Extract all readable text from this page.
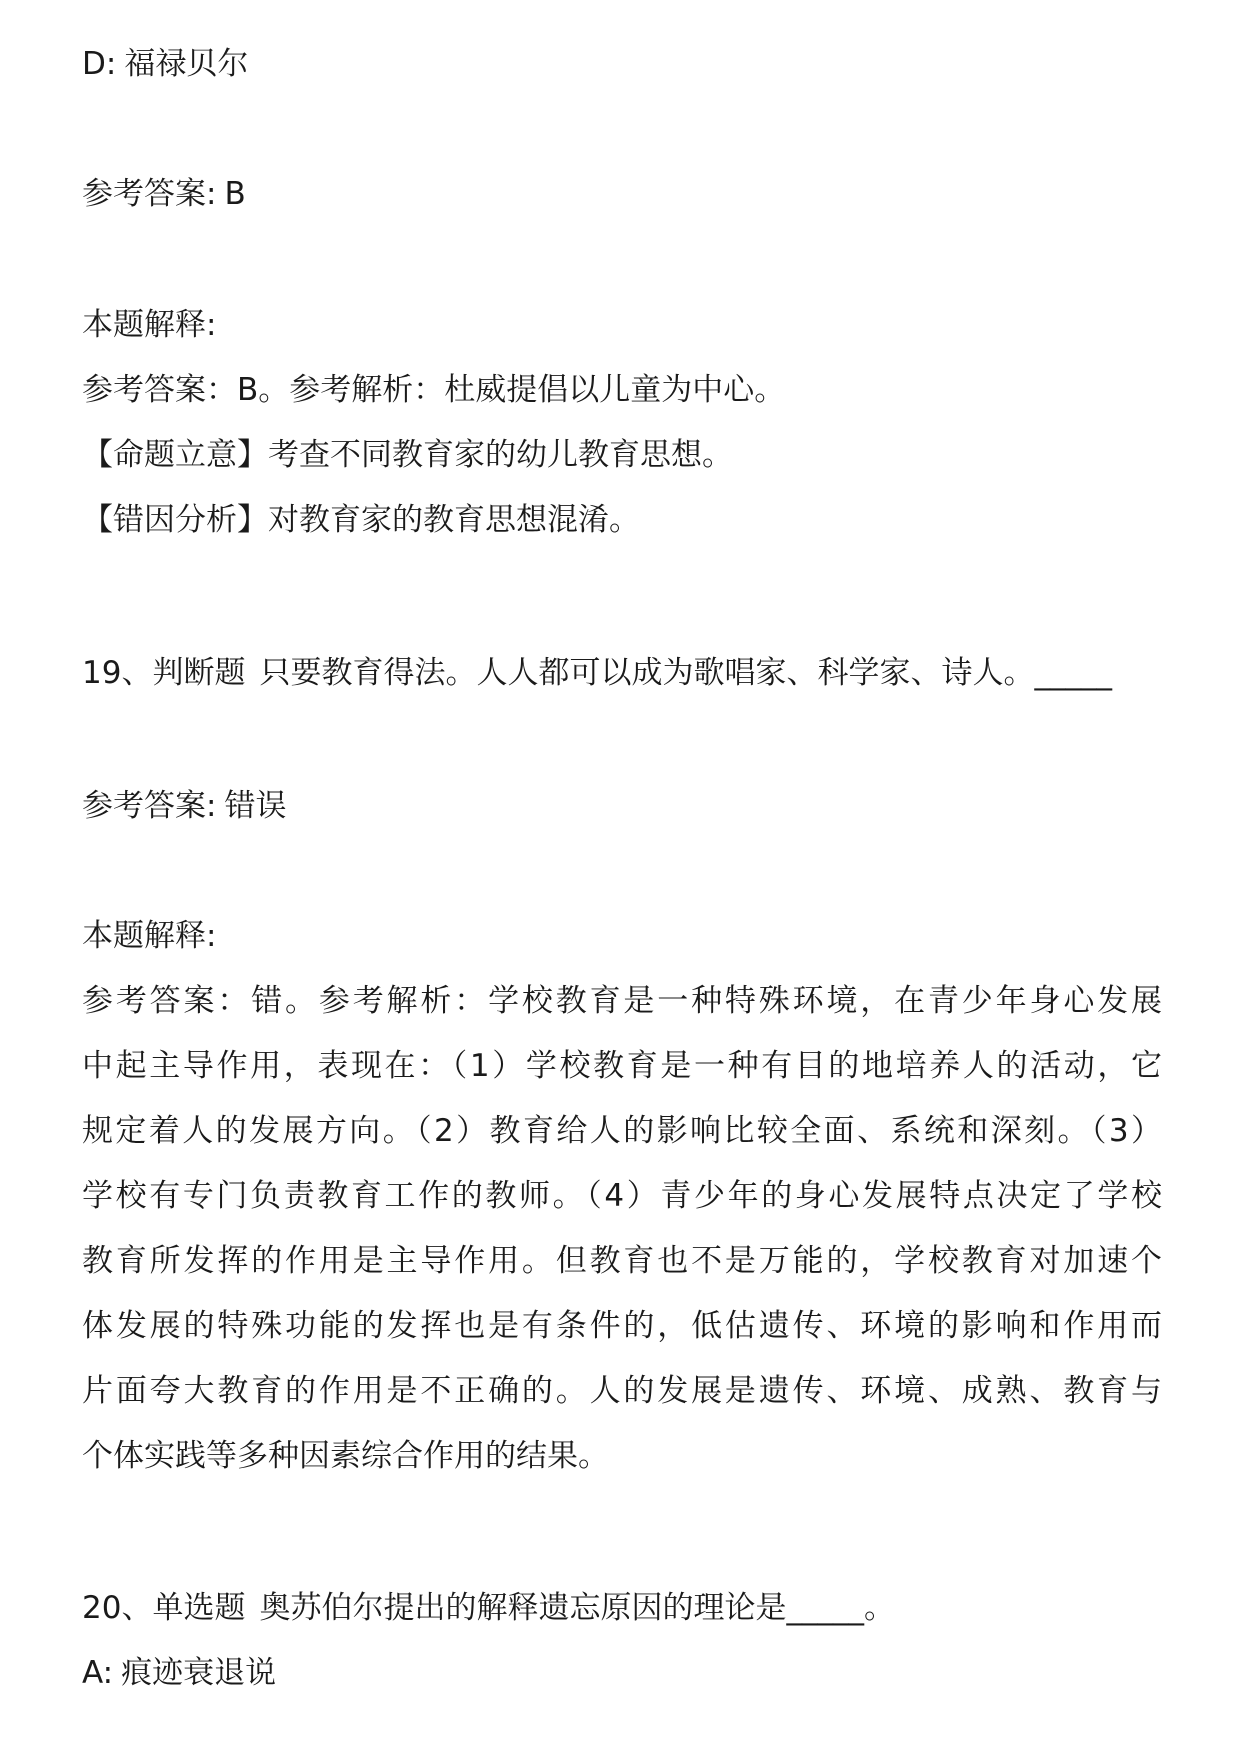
D: 福禄贝尔
参考答案: B
本题解释:
参考答案：B。参考解析：杜威提倡以儿童为中心。
【命题立意】考查不同教育家的幼儿教育思想。
【错因分析】对教育家的教育思想混淆。
19、判断题 只要教育得法。人人都可以成为歌唱家、科学家、诗人。_____
参考答案: 错误
本题解释:
参考答案：错。参考解析：学校教育是一种特殊环境，在青少年身心发展
中起主导作用，表现在：（1）学校教育是一种有目的地培养人的活动，它
规定着人的发展方向。（2）教育给人的影响比较全面、系统和深刻。（3）
学校有专门负责教育工作的教师。（4）青少年的身心发展特点决定了学校
教育所发挥的作用是主导作用。但教育也不是万能的，学校教育对加速个
体发展的特殊功能的发挥也是有条件的，低估遗传、环境的影响和作用而
片面夸大教育的作用是不正确的。人的发展是遗传、环境、成熟、教育与
个体实践等多种因素综合作用的结果。
20、单选题 奥苏伯尔提出的解释遗忘原因的理论是_____。
A: 痕迹衰退说
